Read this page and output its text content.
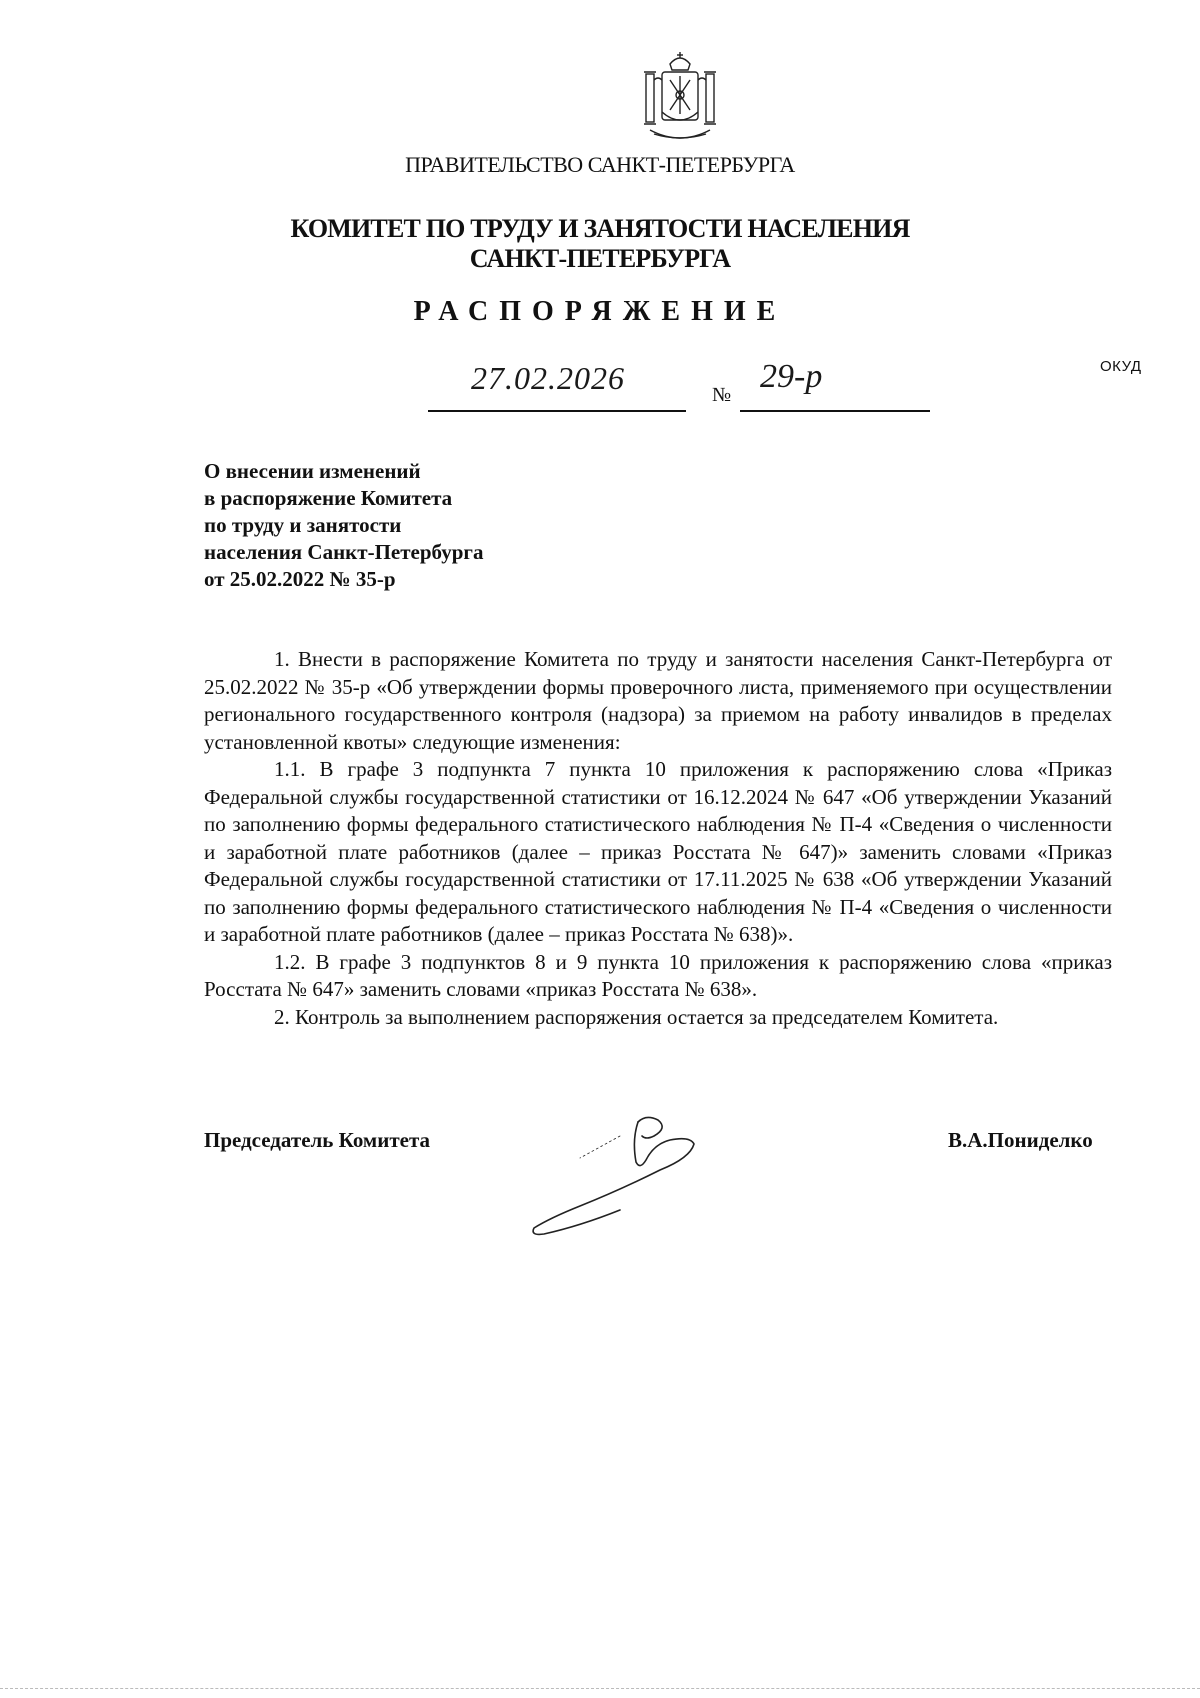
ПРАВИТЕЛЬСТВО САНКТ-ПЕТЕРБУРГА
КОМИТЕТ ПО ТРУДУ И ЗАНЯТОСТИ НАСЕЛЕНИЯ
САНКТ-ПЕТЕРБУРГА
РАСПОРЯЖЕНИЕ
ОКУД
27.02.2026	№ 29-р
О внесении изменений
в распоряжение Комитета
по труду и занятости
населения Санкт-Петербурга
от 25.02.2022 № 35-р

1. Внести в распоряжение Комитета по труду и занятости населения Санкт-Петербурга от 25.02.2022 № 35-р «Об утверждении формы проверочного листа, применяемого при осуществлении регионального государственного контроля (надзора) за приемом на работу инвалидов в пределах установленной квоты» следующие изменения:

1.1. В графе 3 подпункта 7 пункта 10 приложения к распоряжению слова «Приказ Федеральной службы государственной статистики от 16.12.2024 № 647 «Об утверждении Указаний по заполнению формы федерального статистического наблюдения № П-4 «Сведения о численности и заработной плате работников (далее – приказ Росстата № 647)» заменить словами «Приказ Федеральной службы государственной статистики от 17.11.2025 № 638 «Об утверждении Указаний по заполнению формы федерального статистического наблюдения № П-4 «Сведения о численности и заработной плате работников (далее – приказ Росстата № 638)».

1.2. В графе 3 подпунктов 8 и 9 пункта 10 приложения к распоряжению слова «приказ Росстата № 647» заменить словами «приказ Росстата № 638».

2. Контроль за выполнением распоряжения остается за председателем Комитета.

Председатель Комитета	В.А.Пониделко
